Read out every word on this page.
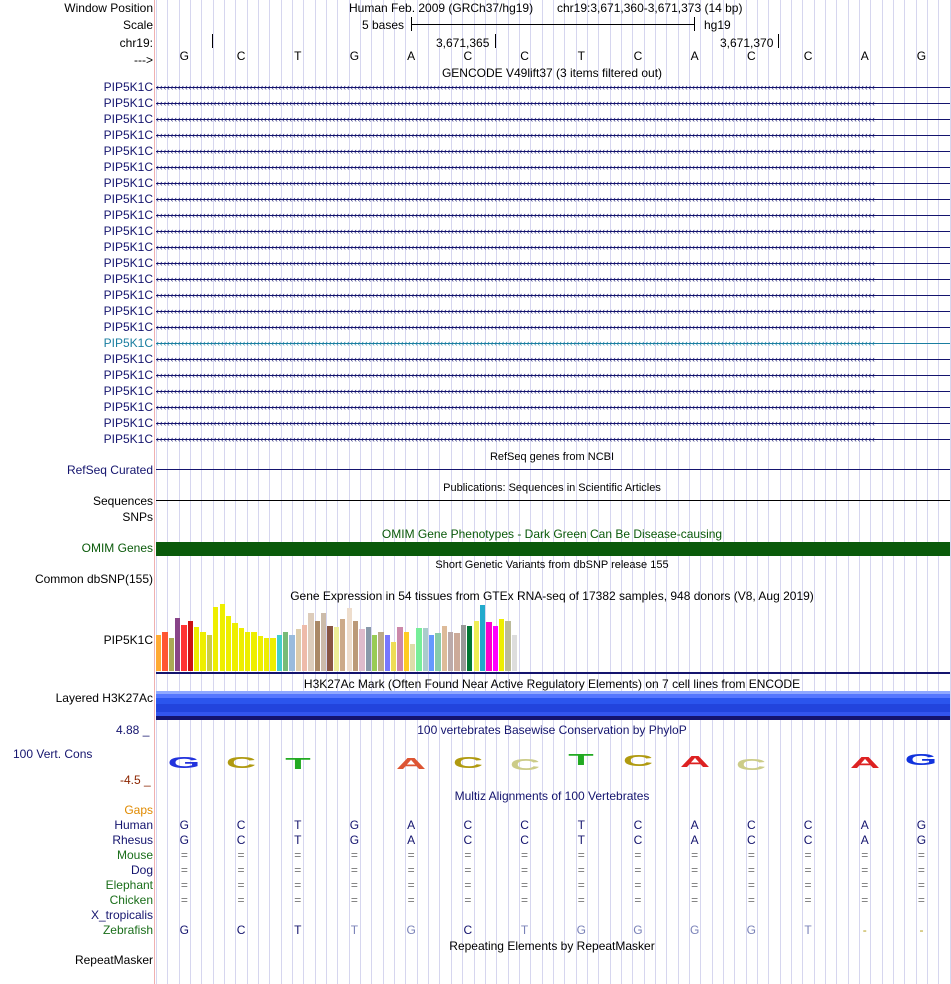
Window Position
Scale
chr19:
--->
Human Feb. 2009 (GRCh37/hg19) chr19:3,671,360-3,671,373 (14 bp)
5 bases	hg19
3,671,365	3,671,370
G	C	T	G	A	C	C	T	C	A	C	C	A	G
GENCODE V49lift37 (3 items filtered out)
PIP5K1C ‹‹‹‹‹‹‹‹‹‹‹‹‹‹‹‹‹‹‹‹‹‹‹‹‹‹‹‹‹‹‹‹‹‹‹‹‹‹‹‹‹‹‹‹‹‹‹‹‹‹‹‹‹‹‹‹‹‹‹‹‹‹‹‹‹‹‹‹‹‹‹‹‹‹‹‹‹‹‹‹‹‹‹‹‹‹‹‹‹‹‹‹‹‹‹‹‹‹‹‹‹‹‹‹‹‹‹‹‹‹‹‹‹‹‹‹‹‹‹‹‹‹‹‹‹‹‹‹‹‹‹‹‹‹‹‹‹‹‹‹‹‹‹‹‹‹‹‹‹‹‹‹‹‹‹‹‹‹‹‹‹‹‹‹‹‹‹‹‹‹‹‹‹‹‹‹‹‹‹‹‹‹‹‹‹‹‹‹‹‹‹‹‹‹‹‹‹‹‹‹
PIP5K1C ‹‹‹‹‹‹‹‹‹‹‹‹‹‹‹‹‹‹‹‹‹‹‹‹‹‹‹‹‹‹‹‹‹‹‹‹‹‹‹‹‹‹‹‹‹‹‹‹‹‹‹‹‹‹‹‹‹‹‹‹‹‹‹‹‹‹‹‹‹‹‹‹‹‹‹‹‹‹‹‹‹‹‹‹‹‹‹‹‹‹‹‹‹‹‹‹‹‹‹‹‹‹‹‹‹‹‹‹‹‹‹‹‹‹‹‹‹‹‹‹‹‹‹‹‹‹‹‹‹‹‹‹‹‹‹‹‹‹‹‹‹‹‹‹‹‹‹‹‹‹‹‹‹‹‹‹‹‹‹‹‹‹‹‹‹‹‹‹‹‹‹‹‹‹‹‹‹‹‹‹‹‹‹‹‹‹‹‹‹‹‹‹‹‹‹‹‹‹‹‹
PIP5K1C ‹‹‹‹‹‹‹‹‹‹‹‹‹‹‹‹‹‹‹‹‹‹‹‹‹‹‹‹‹‹‹‹‹‹‹‹‹‹‹‹‹‹‹‹‹‹‹‹‹‹‹‹‹‹‹‹‹‹‹‹‹‹‹‹‹‹‹‹‹‹‹‹‹‹‹‹‹‹‹‹‹‹‹‹‹‹‹‹‹‹‹‹‹‹‹‹‹‹‹‹‹‹‹‹‹‹‹‹‹‹‹‹‹‹‹‹‹‹‹‹‹‹‹‹‹‹‹‹‹‹‹‹‹‹‹‹‹‹‹‹‹‹‹‹‹‹‹‹‹‹‹‹‹‹‹‹‹‹‹‹‹‹‹‹‹‹‹‹‹‹‹‹‹‹‹‹‹‹‹‹‹‹‹‹‹‹‹‹‹‹‹‹‹‹‹‹‹‹‹‹
PIP5K1C ‹‹‹‹‹‹‹‹‹‹‹‹‹‹‹‹‹‹‹‹‹‹‹‹‹‹‹‹‹‹‹‹‹‹‹‹‹‹‹‹‹‹‹‹‹‹‹‹‹‹‹‹‹‹‹‹‹‹‹‹‹‹‹‹‹‹‹‹‹‹‹‹‹‹‹‹‹‹‹‹‹‹‹‹‹‹‹‹‹‹‹‹‹‹‹‹‹‹‹‹‹‹‹‹‹‹‹‹‹‹‹‹‹‹‹‹‹‹‹‹‹‹‹‹‹‹‹‹‹‹‹‹‹‹‹‹‹‹‹‹‹‹‹‹‹‹‹‹‹‹‹‹‹‹‹‹‹‹‹‹‹‹‹‹‹‹‹‹‹‹‹‹‹‹‹‹‹‹‹‹‹‹‹‹‹‹‹‹‹‹‹‹‹‹‹‹‹‹‹‹
PIP5K1C ‹‹‹‹‹‹‹‹‹‹‹‹‹‹‹‹‹‹‹‹‹‹‹‹‹‹‹‹‹‹‹‹‹‹‹‹‹‹‹‹‹‹‹‹‹‹‹‹‹‹‹‹‹‹‹‹‹‹‹‹‹‹‹‹‹‹‹‹‹‹‹‹‹‹‹‹‹‹‹‹‹‹‹‹‹‹‹‹‹‹‹‹‹‹‹‹‹‹‹‹‹‹‹‹‹‹‹‹‹‹‹‹‹‹‹‹‹‹‹‹‹‹‹‹‹‹‹‹‹‹‹‹‹‹‹‹‹‹‹‹‹‹‹‹‹‹‹‹‹‹‹‹‹‹‹‹‹‹‹‹‹‹‹‹‹‹‹‹‹‹‹‹‹‹‹‹‹‹‹‹‹‹‹‹‹‹‹‹‹‹‹‹‹‹‹‹‹‹‹‹
PIP5K1C ‹‹‹‹‹‹‹‹‹‹‹‹‹‹‹‹‹‹‹‹‹‹‹‹‹‹‹‹‹‹‹‹‹‹‹‹‹‹‹‹‹‹‹‹‹‹‹‹‹‹‹‹‹‹‹‹‹‹‹‹‹‹‹‹‹‹‹‹‹‹‹‹‹‹‹‹‹‹‹‹‹‹‹‹‹‹‹‹‹‹‹‹‹‹‹‹‹‹‹‹‹‹‹‹‹‹‹‹‹‹‹‹‹‹‹‹‹‹‹‹‹‹‹‹‹‹‹‹‹‹‹‹‹‹‹‹‹‹‹‹‹‹‹‹‹‹‹‹‹‹‹‹‹‹‹‹‹‹‹‹‹‹‹‹‹‹‹‹‹‹‹‹‹‹‹‹‹‹‹‹‹‹‹‹‹‹‹‹‹‹‹‹‹‹‹‹‹‹‹‹
PIP5K1C ‹‹‹‹‹‹‹‹‹‹‹‹‹‹‹‹‹‹‹‹‹‹‹‹‹‹‹‹‹‹‹‹‹‹‹‹‹‹‹‹‹‹‹‹‹‹‹‹‹‹‹‹‹‹‹‹‹‹‹‹‹‹‹‹‹‹‹‹‹‹‹‹‹‹‹‹‹‹‹‹‹‹‹‹‹‹‹‹‹‹‹‹‹‹‹‹‹‹‹‹‹‹‹‹‹‹‹‹‹‹‹‹‹‹‹‹‹‹‹‹‹‹‹‹‹‹‹‹‹‹‹‹‹‹‹‹‹‹‹‹‹‹‹‹‹‹‹‹‹‹‹‹‹‹‹‹‹‹‹‹‹‹‹‹‹‹‹‹‹‹‹‹‹‹‹‹‹‹‹‹‹‹‹‹‹‹‹‹‹‹‹‹‹‹‹‹‹‹‹‹
PIP5K1C ‹‹‹‹‹‹‹‹‹‹‹‹‹‹‹‹‹‹‹‹‹‹‹‹‹‹‹‹‹‹‹‹‹‹‹‹‹‹‹‹‹‹‹‹‹‹‹‹‹‹‹‹‹‹‹‹‹‹‹‹‹‹‹‹‹‹‹‹‹‹‹‹‹‹‹‹‹‹‹‹‹‹‹‹‹‹‹‹‹‹‹‹‹‹‹‹‹‹‹‹‹‹‹‹‹‹‹‹‹‹‹‹‹‹‹‹‹‹‹‹‹‹‹‹‹‹‹‹‹‹‹‹‹‹‹‹‹‹‹‹‹‹‹‹‹‹‹‹‹‹‹‹‹‹‹‹‹‹‹‹‹‹‹‹‹‹‹‹‹‹‹‹‹‹‹‹‹‹‹‹‹‹‹‹‹‹‹‹‹‹‹‹‹‹‹‹‹‹‹‹
PIP5K1C ‹‹‹‹‹‹‹‹‹‹‹‹‹‹‹‹‹‹‹‹‹‹‹‹‹‹‹‹‹‹‹‹‹‹‹‹‹‹‹‹‹‹‹‹‹‹‹‹‹‹‹‹‹‹‹‹‹‹‹‹‹‹‹‹‹‹‹‹‹‹‹‹‹‹‹‹‹‹‹‹‹‹‹‹‹‹‹‹‹‹‹‹‹‹‹‹‹‹‹‹‹‹‹‹‹‹‹‹‹‹‹‹‹‹‹‹‹‹‹‹‹‹‹‹‹‹‹‹‹‹‹‹‹‹‹‹‹‹‹‹‹‹‹‹‹‹‹‹‹‹‹‹‹‹‹‹‹‹‹‹‹‹‹‹‹‹‹‹‹‹‹‹‹‹‹‹‹‹‹‹‹‹‹‹‹‹‹‹‹‹‹‹‹‹‹‹‹‹‹‹
PIP5K1C ‹‹‹‹‹‹‹‹‹‹‹‹‹‹‹‹‹‹‹‹‹‹‹‹‹‹‹‹‹‹‹‹‹‹‹‹‹‹‹‹‹‹‹‹‹‹‹‹‹‹‹‹‹‹‹‹‹‹‹‹‹‹‹‹‹‹‹‹‹‹‹‹‹‹‹‹‹‹‹‹‹‹‹‹‹‹‹‹‹‹‹‹‹‹‹‹‹‹‹‹‹‹‹‹‹‹‹‹‹‹‹‹‹‹‹‹‹‹‹‹‹‹‹‹‹‹‹‹‹‹‹‹‹‹‹‹‹‹‹‹‹‹‹‹‹‹‹‹‹‹‹‹‹‹‹‹‹‹‹‹‹‹‹‹‹‹‹‹‹‹‹‹‹‹‹‹‹‹‹‹‹‹‹‹‹‹‹‹‹‹‹‹‹‹‹‹‹‹‹‹
PIP5K1C ‹‹‹‹‹‹‹‹‹‹‹‹‹‹‹‹‹‹‹‹‹‹‹‹‹‹‹‹‹‹‹‹‹‹‹‹‹‹‹‹‹‹‹‹‹‹‹‹‹‹‹‹‹‹‹‹‹‹‹‹‹‹‹‹‹‹‹‹‹‹‹‹‹‹‹‹‹‹‹‹‹‹‹‹‹‹‹‹‹‹‹‹‹‹‹‹‹‹‹‹‹‹‹‹‹‹‹‹‹‹‹‹‹‹‹‹‹‹‹‹‹‹‹‹‹‹‹‹‹‹‹‹‹‹‹‹‹‹‹‹‹‹‹‹‹‹‹‹‹‹‹‹‹‹‹‹‹‹‹‹‹‹‹‹‹‹‹‹‹‹‹‹‹‹‹‹‹‹‹‹‹‹‹‹‹‹‹‹‹‹‹‹‹‹‹‹‹‹‹‹
PIP5K1C ‹‹‹‹‹‹‹‹‹‹‹‹‹‹‹‹‹‹‹‹‹‹‹‹‹‹‹‹‹‹‹‹‹‹‹‹‹‹‹‹‹‹‹‹‹‹‹‹‹‹‹‹‹‹‹‹‹‹‹‹‹‹‹‹‹‹‹‹‹‹‹‹‹‹‹‹‹‹‹‹‹‹‹‹‹‹‹‹‹‹‹‹‹‹‹‹‹‹‹‹‹‹‹‹‹‹‹‹‹‹‹‹‹‹‹‹‹‹‹‹‹‹‹‹‹‹‹‹‹‹‹‹‹‹‹‹‹‹‹‹‹‹‹‹‹‹‹‹‹‹‹‹‹‹‹‹‹‹‹‹‹‹‹‹‹‹‹‹‹‹‹‹‹‹‹‹‹‹‹‹‹‹‹‹‹‹‹‹‹‹‹‹‹‹‹‹‹‹‹‹
PIP5K1C ‹‹‹‹‹‹‹‹‹‹‹‹‹‹‹‹‹‹‹‹‹‹‹‹‹‹‹‹‹‹‹‹‹‹‹‹‹‹‹‹‹‹‹‹‹‹‹‹‹‹‹‹‹‹‹‹‹‹‹‹‹‹‹‹‹‹‹‹‹‹‹‹‹‹‹‹‹‹‹‹‹‹‹‹‹‹‹‹‹‹‹‹‹‹‹‹‹‹‹‹‹‹‹‹‹‹‹‹‹‹‹‹‹‹‹‹‹‹‹‹‹‹‹‹‹‹‹‹‹‹‹‹‹‹‹‹‹‹‹‹‹‹‹‹‹‹‹‹‹‹‹‹‹‹‹‹‹‹‹‹‹‹‹‹‹‹‹‹‹‹‹‹‹‹‹‹‹‹‹‹‹‹‹‹‹‹‹‹‹‹‹‹‹‹‹‹‹‹‹‹
PIP5K1C ‹‹‹‹‹‹‹‹‹‹‹‹‹‹‹‹‹‹‹‹‹‹‹‹‹‹‹‹‹‹‹‹‹‹‹‹‹‹‹‹‹‹‹‹‹‹‹‹‹‹‹‹‹‹‹‹‹‹‹‹‹‹‹‹‹‹‹‹‹‹‹‹‹‹‹‹‹‹‹‹‹‹‹‹‹‹‹‹‹‹‹‹‹‹‹‹‹‹‹‹‹‹‹‹‹‹‹‹‹‹‹‹‹‹‹‹‹‹‹‹‹‹‹‹‹‹‹‹‹‹‹‹‹‹‹‹‹‹‹‹‹‹‹‹‹‹‹‹‹‹‹‹‹‹‹‹‹‹‹‹‹‹‹‹‹‹‹‹‹‹‹‹‹‹‹‹‹‹‹‹‹‹‹‹‹‹‹‹‹‹‹‹‹‹‹‹‹‹‹‹
PIP5K1C ‹‹‹‹‹‹‹‹‹‹‹‹‹‹‹‹‹‹‹‹‹‹‹‹‹‹‹‹‹‹‹‹‹‹‹‹‹‹‹‹‹‹‹‹‹‹‹‹‹‹‹‹‹‹‹‹‹‹‹‹‹‹‹‹‹‹‹‹‹‹‹‹‹‹‹‹‹‹‹‹‹‹‹‹‹‹‹‹‹‹‹‹‹‹‹‹‹‹‹‹‹‹‹‹‹‹‹‹‹‹‹‹‹‹‹‹‹‹‹‹‹‹‹‹‹‹‹‹‹‹‹‹‹‹‹‹‹‹‹‹‹‹‹‹‹‹‹‹‹‹‹‹‹‹‹‹‹‹‹‹‹‹‹‹‹‹‹‹‹‹‹‹‹‹‹‹‹‹‹‹‹‹‹‹‹‹‹‹‹‹‹‹‹‹‹‹‹‹‹‹
PIP5K1C ‹‹‹‹‹‹‹‹‹‹‹‹‹‹‹‹‹‹‹‹‹‹‹‹‹‹‹‹‹‹‹‹‹‹‹‹‹‹‹‹‹‹‹‹‹‹‹‹‹‹‹‹‹‹‹‹‹‹‹‹‹‹‹‹‹‹‹‹‹‹‹‹‹‹‹‹‹‹‹‹‹‹‹‹‹‹‹‹‹‹‹‹‹‹‹‹‹‹‹‹‹‹‹‹‹‹‹‹‹‹‹‹‹‹‹‹‹‹‹‹‹‹‹‹‹‹‹‹‹‹‹‹‹‹‹‹‹‹‹‹‹‹‹‹‹‹‹‹‹‹‹‹‹‹‹‹‹‹‹‹‹‹‹‹‹‹‹‹‹‹‹‹‹‹‹‹‹‹‹‹‹‹‹‹‹‹‹‹‹‹‹‹‹‹‹‹‹‹‹‹
PIP5K1C ‹‹‹‹‹‹‹‹‹‹‹‹‹‹‹‹‹‹‹‹‹‹‹‹‹‹‹‹‹‹‹‹‹‹‹‹‹‹‹‹‹‹‹‹‹‹‹‹‹‹‹‹‹‹‹‹‹‹‹‹‹‹‹‹‹‹‹‹‹‹‹‹‹‹‹‹‹‹‹‹‹‹‹‹‹‹‹‹‹‹‹‹‹‹‹‹‹‹‹‹‹‹‹‹‹‹‹‹‹‹‹‹‹‹‹‹‹‹‹‹‹‹‹‹‹‹‹‹‹‹‹‹‹‹‹‹‹‹‹‹‹‹‹‹‹‹‹‹‹‹‹‹‹‹‹‹‹‹‹‹‹‹‹‹‹‹‹‹‹‹‹‹‹‹‹‹‹‹‹‹‹‹‹‹‹‹‹‹‹‹‹‹‹‹‹‹‹‹‹‹
PIP5K1C ‹‹‹‹‹‹‹‹‹‹‹‹‹‹‹‹‹‹‹‹‹‹‹‹‹‹‹‹‹‹‹‹‹‹‹‹‹‹‹‹‹‹‹‹‹‹‹‹‹‹‹‹‹‹‹‹‹‹‹‹‹‹‹‹‹‹‹‹‹‹‹‹‹‹‹‹‹‹‹‹‹‹‹‹‹‹‹‹‹‹‹‹‹‹‹‹‹‹‹‹‹‹‹‹‹‹‹‹‹‹‹‹‹‹‹‹‹‹‹‹‹‹‹‹‹‹‹‹‹‹‹‹‹‹‹‹‹‹‹‹‹‹‹‹‹‹‹‹‹‹‹‹‹‹‹‹‹‹‹‹‹‹‹‹‹‹‹‹‹‹‹‹‹‹‹‹‹‹‹‹‹‹‹‹‹‹‹‹‹‹‹‹‹‹‹‹‹‹‹‹
PIP5K1C ‹‹‹‹‹‹‹‹‹‹‹‹‹‹‹‹‹‹‹‹‹‹‹‹‹‹‹‹‹‹‹‹‹‹‹‹‹‹‹‹‹‹‹‹‹‹‹‹‹‹‹‹‹‹‹‹‹‹‹‹‹‹‹‹‹‹‹‹‹‹‹‹‹‹‹‹‹‹‹‹‹‹‹‹‹‹‹‹‹‹‹‹‹‹‹‹‹‹‹‹‹‹‹‹‹‹‹‹‹‹‹‹‹‹‹‹‹‹‹‹‹‹‹‹‹‹‹‹‹‹‹‹‹‹‹‹‹‹‹‹‹‹‹‹‹‹‹‹‹‹‹‹‹‹‹‹‹‹‹‹‹‹‹‹‹‹‹‹‹‹‹‹‹‹‹‹‹‹‹‹‹‹‹‹‹‹‹‹‹‹‹‹‹‹‹‹‹‹‹‹
PIP5K1C ‹‹‹‹‹‹‹‹‹‹‹‹‹‹‹‹‹‹‹‹‹‹‹‹‹‹‹‹‹‹‹‹‹‹‹‹‹‹‹‹‹‹‹‹‹‹‹‹‹‹‹‹‹‹‹‹‹‹‹‹‹‹‹‹‹‹‹‹‹‹‹‹‹‹‹‹‹‹‹‹‹‹‹‹‹‹‹‹‹‹‹‹‹‹‹‹‹‹‹‹‹‹‹‹‹‹‹‹‹‹‹‹‹‹‹‹‹‹‹‹‹‹‹‹‹‹‹‹‹‹‹‹‹‹‹‹‹‹‹‹‹‹‹‹‹‹‹‹‹‹‹‹‹‹‹‹‹‹‹‹‹‹‹‹‹‹‹‹‹‹‹‹‹‹‹‹‹‹‹‹‹‹‹‹‹‹‹‹‹‹‹‹‹‹‹‹‹‹‹‹
PIP5K1C ‹‹‹‹‹‹‹‹‹‹‹‹‹‹‹‹‹‹‹‹‹‹‹‹‹‹‹‹‹‹‹‹‹‹‹‹‹‹‹‹‹‹‹‹‹‹‹‹‹‹‹‹‹‹‹‹‹‹‹‹‹‹‹‹‹‹‹‹‹‹‹‹‹‹‹‹‹‹‹‹‹‹‹‹‹‹‹‹‹‹‹‹‹‹‹‹‹‹‹‹‹‹‹‹‹‹‹‹‹‹‹‹‹‹‹‹‹‹‹‹‹‹‹‹‹‹‹‹‹‹‹‹‹‹‹‹‹‹‹‹‹‹‹‹‹‹‹‹‹‹‹‹‹‹‹‹‹‹‹‹‹‹‹‹‹‹‹‹‹‹‹‹‹‹‹‹‹‹‹‹‹‹‹‹‹‹‹‹‹‹‹‹‹‹‹‹‹‹‹‹
PIP5K1C ‹‹‹‹‹‹‹‹‹‹‹‹‹‹‹‹‹‹‹‹‹‹‹‹‹‹‹‹‹‹‹‹‹‹‹‹‹‹‹‹‹‹‹‹‹‹‹‹‹‹‹‹‹‹‹‹‹‹‹‹‹‹‹‹‹‹‹‹‹‹‹‹‹‹‹‹‹‹‹‹‹‹‹‹‹‹‹‹‹‹‹‹‹‹‹‹‹‹‹‹‹‹‹‹‹‹‹‹‹‹‹‹‹‹‹‹‹‹‹‹‹‹‹‹‹‹‹‹‹‹‹‹‹‹‹‹‹‹‹‹‹‹‹‹‹‹‹‹‹‹‹‹‹‹‹‹‹‹‹‹‹‹‹‹‹‹‹‹‹‹‹‹‹‹‹‹‹‹‹‹‹‹‹‹‹‹‹‹‹‹‹‹‹‹‹‹‹‹‹‹
PIP5K1C ‹‹‹‹‹‹‹‹‹‹‹‹‹‹‹‹‹‹‹‹‹‹‹‹‹‹‹‹‹‹‹‹‹‹‹‹‹‹‹‹‹‹‹‹‹‹‹‹‹‹‹‹‹‹‹‹‹‹‹‹‹‹‹‹‹‹‹‹‹‹‹‹‹‹‹‹‹‹‹‹‹‹‹‹‹‹‹‹‹‹‹‹‹‹‹‹‹‹‹‹‹‹‹‹‹‹‹‹‹‹‹‹‹‹‹‹‹‹‹‹‹‹‹‹‹‹‹‹‹‹‹‹‹‹‹‹‹‹‹‹‹‹‹‹‹‹‹‹‹‹‹‹‹‹‹‹‹‹‹‹‹‹‹‹‹‹‹‹‹‹‹‹‹‹‹‹‹‹‹‹‹‹‹‹‹‹‹‹‹‹‹‹‹‹‹‹‹‹‹‹
RefSeq genes from NCBI
RefSeq Curated
Publications: Sequences in Scientific Articles
Sequences
SNPs
OMIM Gene Phenotypes - Dark Green Can Be Disease-causing
OMIM Genes
Short Genetic Variants from dbSNP release 155
Common dbSNP(155)
Gene Expression in 54 tissues from GTEx RNA-seq of 17382 samples, 948 donors (V8, Aug 2019)
PIP5K1C
H3K27Ac Mark (Often Found Near Active Regulatory Elements) on 7 cell lines from ENCODE
Layered H3K27Ac
100 vertebrates Basewise Conservation by PhyloP
4.88 _
100 Vert. Cons
-4.5 _
G C T	A C C T C A C	A G
Gaps
Multiz Alignments of 100 Vertebrates
Human G	C	T	G	A	C	C	T	C	A	C	C	A	G
Rhesus G	C	T	G	A	C	C	T	C	A	C	C	A	G
Mouse =	=	=	=	=	=	=	=	=	=	=	=	=	=
Dog =	=	=	=	=	=	=	=	=	=	=	=	=	=
Elephant =	=	=	=	=	=	=	=	=	=	=	=	=	=
Chicken =	=	=	=	=	=	=	=	=	=	=	=	=	=
X_tropicalis
Zebrafish G	C	T	T	G	C	T	G	G	G	G	T	-	-
Repeating Elements by RepeatMasker
RepeatMasker
